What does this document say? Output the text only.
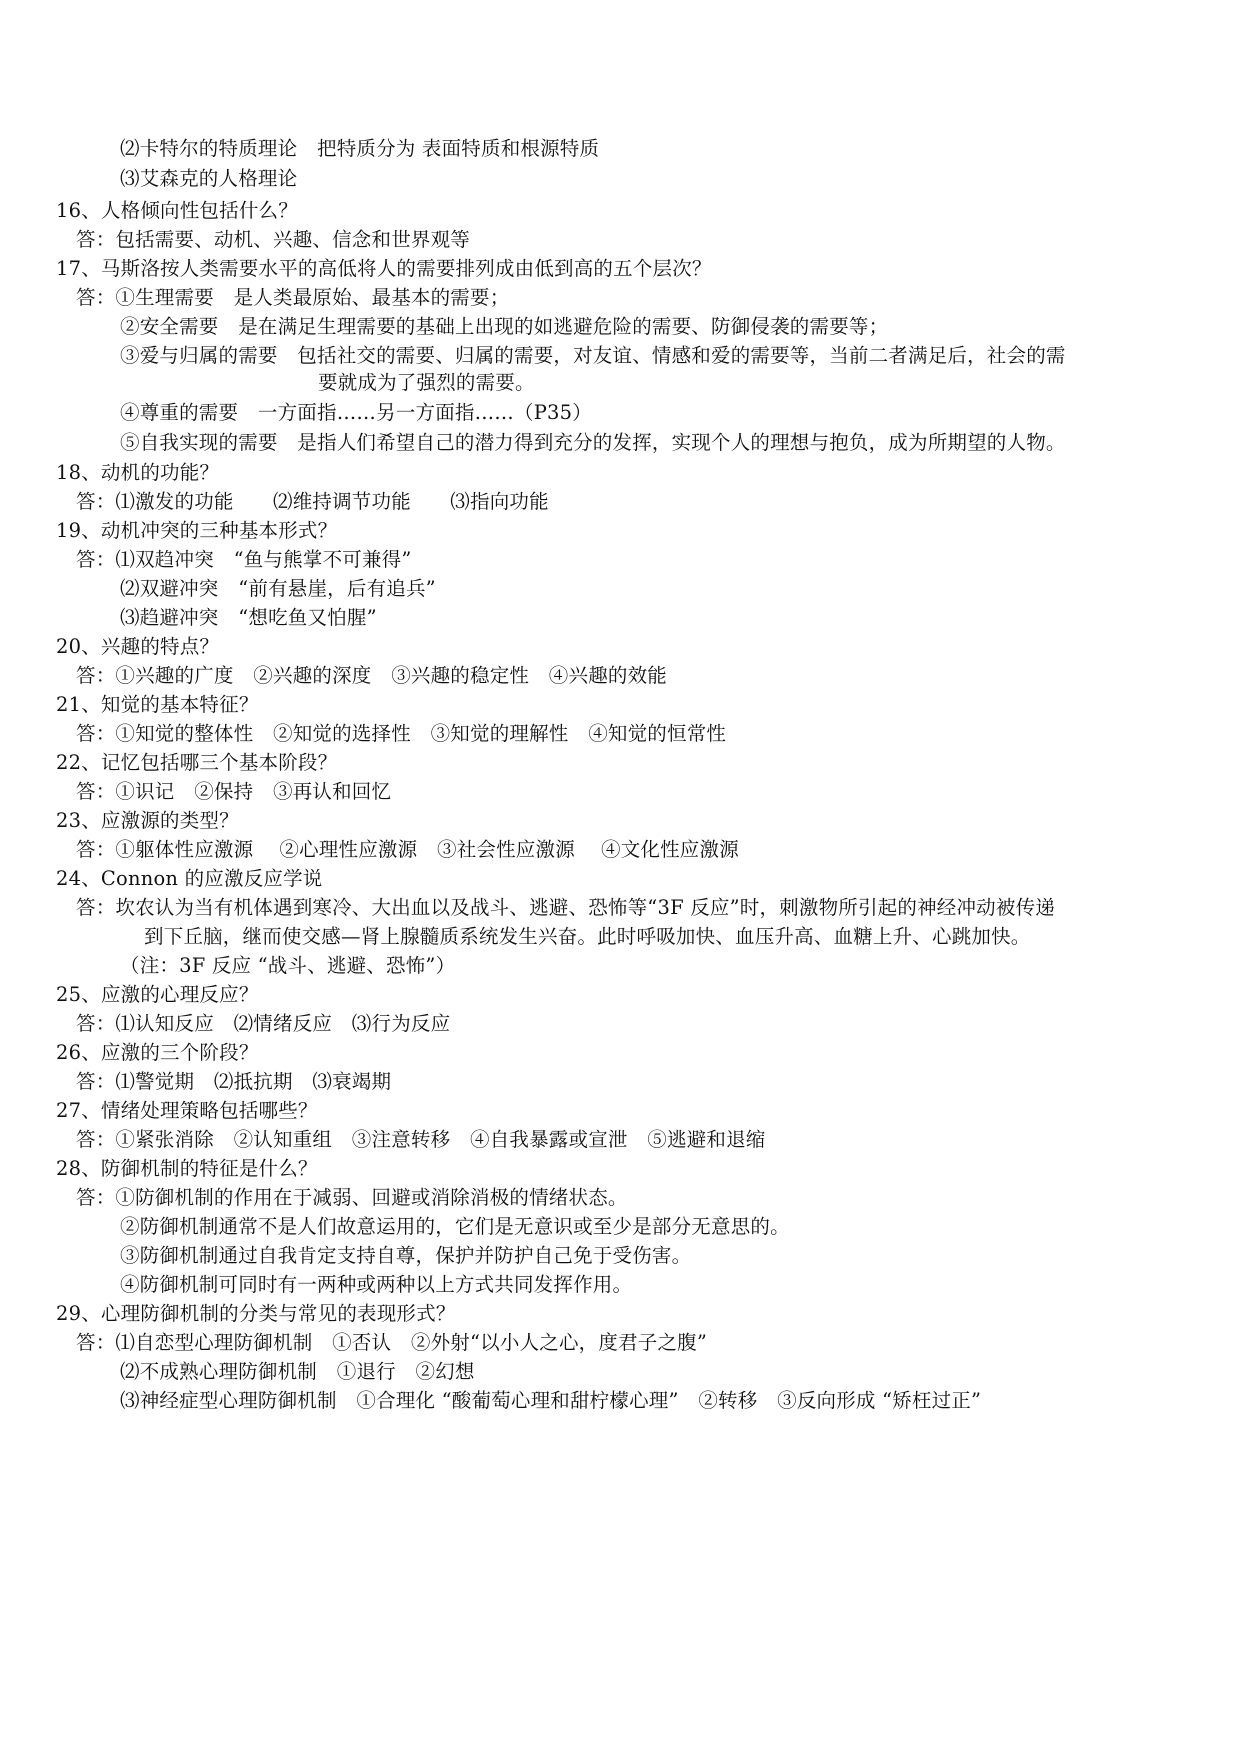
⑵卡特尔的特质理论　把特质分为 表面特质和根源特质
⑶艾森克的人格理论
16、人格倾向性包括什么？
答：包括需要、动机、兴趣、信念和世界观等
17、马斯洛按人类需要水平的高低将人的需要排列成由低到高的五个层次？
答：①生理需要　是人类最原始、最基本的需要；
②安全需要　是在满足生理需要的基础上出现的如逃避危险的需要、防御侵袭的需要等；
③爱与归属的需要　包括社交的需要、归属的需要，对友谊、情感和爱的需要等，当前二者满足后，社会的需
要就成为了强烈的需要。
④尊重的需要　一方面指……另一方面指……（P35）
⑤自我实现的需要　是指人们希望自己的潜力得到充分的发挥，实现个人的理想与抱负，成为所期望的人物。
18、动机的功能？
答：⑴激发的功能　　⑵维持调节功能　　⑶指向功能
19、动机冲突的三种基本形式？
答：⑴双趋冲突　“鱼与熊掌不可兼得”
⑵双避冲突　“前有悬崖，后有追兵”
⑶趋避冲突　“想吃鱼又怕腥”
20、兴趣的特点？
答：①兴趣的广度　②兴趣的深度　③兴趣的稳定性　④兴趣的效能
21、知觉的基本特征？
答：①知觉的整体性　②知觉的选择性　③知觉的理解性　④知觉的恒常性
22、记忆包括哪三个基本阶段？
答：①识记　②保持　③再认和回忆
23、应激源的类型？
答：①躯体性应激源　 ②心理性应激源　③社会性应激源　 ④文化性应激源
24、Connon 的应激反应学说
答：坎农认为当有机体遇到寒冷、大出血以及战斗、逃避、恐怖等“3F 反应”时，刺激物所引起的神经冲动被传递
到下丘脑，继而使交感—肾上腺髓质系统发生兴奋。此时呼吸加快、血压升高、血糖上升、心跳加快。
（注：3F 反应 “战斗、逃避、恐怖”）
25、应激的心理反应？
答：⑴认知反应　⑵情绪反应　⑶行为反应
26、应激的三个阶段？
答：⑴警觉期　⑵抵抗期　⑶衰竭期
27、情绪处理策略包括哪些？
答：①紧张消除　②认知重组　③注意转移　④自我暴露或宣泄　⑤逃避和退缩
28、防御机制的特征是什么？
答：①防御机制的作用在于减弱、回避或消除消极的情绪状态。
②防御机制通常不是人们故意运用的，它们是无意识或至少是部分无意思的。
③防御机制通过自我肯定支持自尊，保护并防护自己免于受伤害。
④防御机制可同时有一两种或两种以上方式共同发挥作用。
29、心理防御机制的分类与常见的表现形式？
答：⑴自恋型心理防御机制　①否认　②外射“以小人之心，度君子之腹”
⑵不成熟心理防御机制　①退行　②幻想
⑶神经症型心理防御机制　①合理化 “酸葡萄心理和甜柠檬心理”　②转移　③反向形成 “矫枉过正”
